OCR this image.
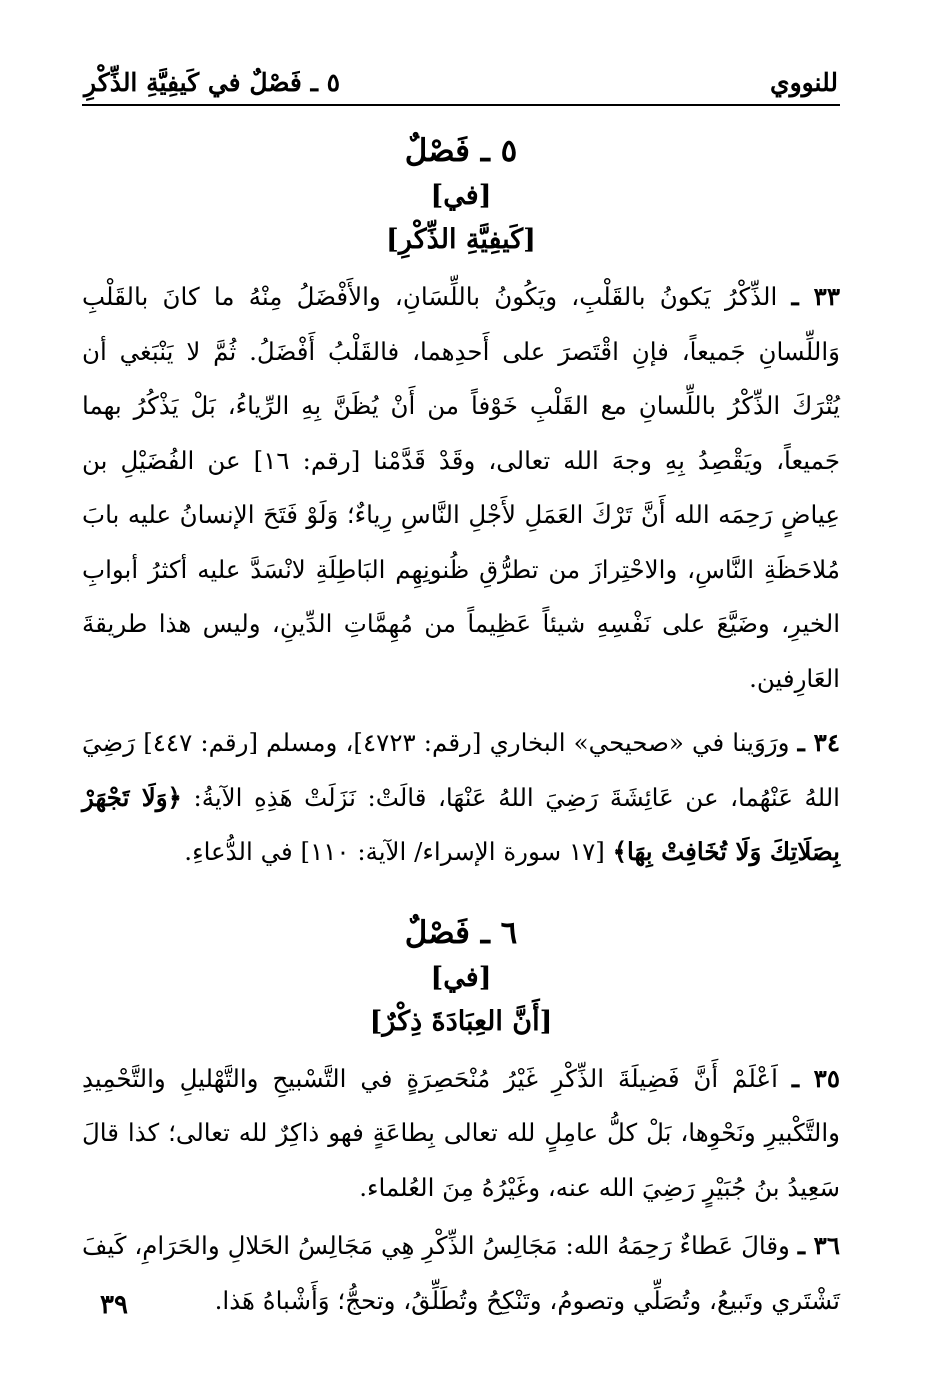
للنووي
٥ ـ فَصْلٌ في كَيفِيَّةِ الذِّكْرِ
٥ ـ فَصْلٌ
[في]
[كَيفِيَّةِ الذِّكْرِ]

٣٣ ـ الذِّكْرُ يَكونُ بالقَلْبِ، ويَكُونُ باللِّسَانِ، والأَفْضَلُ مِنْهُ ما كانَ بالقَلْبِ وَاللِّسانِ جَميعاً، فإنِ اقْتَصرَ على أَحدِهما، فالقَلْبُ أَفْضَلُ. ثُمَّ لا يَنْبَغي أن يُتْرَكَ الذِّكْرُ باللِّسانِ مع القَلْبِ خَوْفاً من أَنْ يُظَنَّ بِهِ الرِّياءُ، بَلْ يَذْكُرُ بهما جَميعاً، ويَقْصِدُ بِهِ وجهَ الله تعالى، وقَدْ قَدَّمْنا [رقم: ١٦] عن الفُضَيْلِ بن عِياضٍ رَحِمَه الله أَنَّ تَرْكَ العَمَلِ لأَجْلِ النَّاسِ رِياءٌ؛ وَلَوْ فَتَحَ الإنسانُ عليه بابَ مُلاحَظَةِ النَّاسِ، والاحْتِرازَ من تطرُّقِ ظُنونِهِم البَاطِلَةِ لانْسَدَّ عليه أكثرُ أبوابِ الخيرِ، وضَيَّعَ على نَفْسِهِ شيئاً عَظِيماً من مُهِمَّاتِ الدِّينِ، وليس هذا طريقةَ العَارِفين.

٣٤ ـ ورَوَينا في «صحيحي» البخاري [رقم: ٤٧٢٣]، ومسلم [رقم: ٤٤٧] رَضِيَ اللهُ عَنْهُما، عن عَائِشَةَ رَضِيَ اللهُ عَنْهَا، قالَتْ: نَزَلَتْ هَذِهِ الآيةُ: ﴿وَلَا تَجْهَرْ بِصَلَاتِكَ وَلَا تُخَافِتْ بِهَا﴾ [١٧ سورة الإسراء/ الآية: ١١٠] في الدُّعاءِ.

٦ ـ فَصْلٌ
[في]
[أَنَّ العِبَادَةَ ذِكْرٌ]

٣٥ ـ اَعْلَمْ أَنَّ فَضِيلَةَ الذِّكْرِ غَيْرُ مُنْحَصِرَةٍ في التَّسْبيحِ والتَّهْليلِ والتَّحْمِيدِ والتَّكْبيرِ ونَحْوِها، بَلْ كلُّ عامِلٍ لله تعالى بِطاعَةٍ فهو ذاكِرٌ لله تعالى؛ كذا قالَ سَعِيدُ بنُ جُبَيْرٍ رَضِيَ الله عنه، وغَيْرُهُ مِنَ العُلماء.

٣٦ ـ وقالَ عَطاءٌ رَحِمَهُ الله: مَجَالِسُ الذِّكْرِ هِي مَجَالِسُ الحَلالِ والحَرَامِ، كَيفَ تَشْتَري وتَبيعُ، وتُصَلِّي وتصومُ، وتَنْكِحُ وتُطَلِّقُ، وتحجُّ؛ وَأَشْباهُ هَذا.

٣٩
